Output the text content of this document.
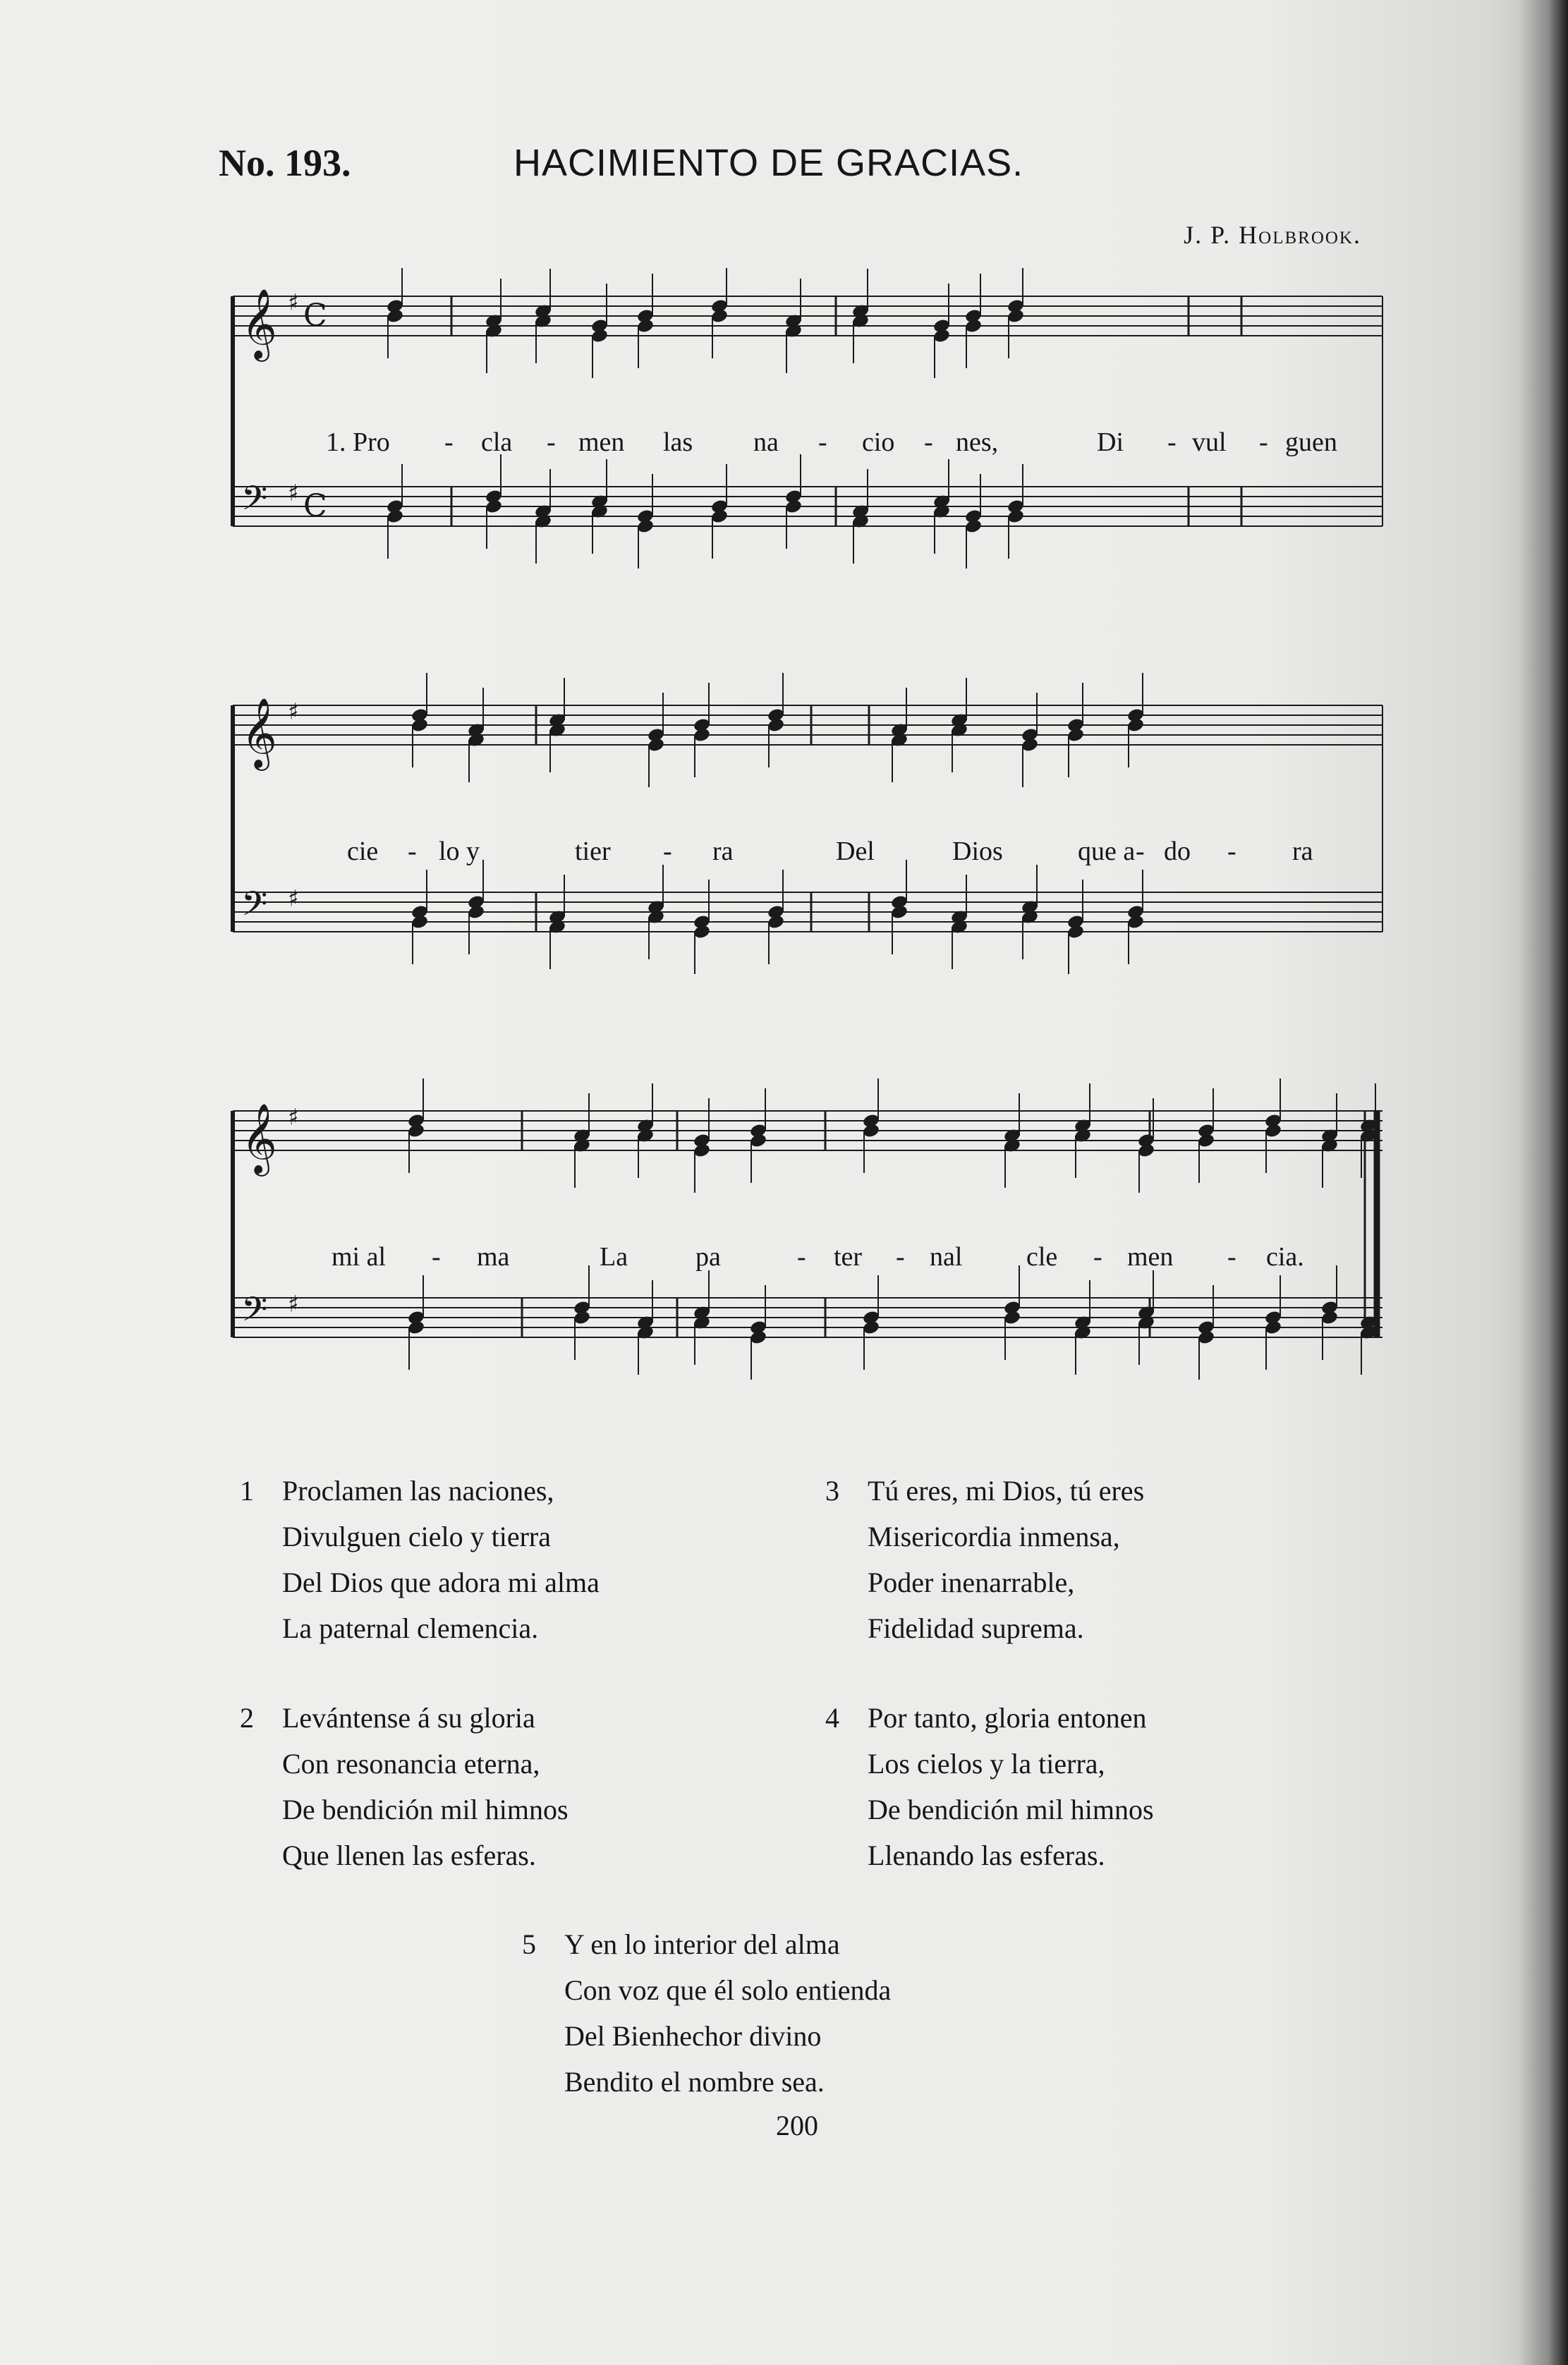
No. 193.	HACIMIENTO DE GRACIAS.
J. P. Holbrook.
𝄞 ♯ C
𝄢 ♯ C
𝄞 ♯
𝄢 ♯
𝄞 ♯
𝄢 ♯
1. Pro - cla - men las na - cio - nes,	Di - vul - guen
cie - lo y	tier - ra	Del	Dios	que a - do - ra
mi al - ma	La	pa	- ter - nal cle - men - cia.
1 Proclamen las naciones,
Divulguen cielo y tierra
Del Dios que adora mi alma
La paternal clemencia.
3 Tú eres, mi Dios, tú eres
Misericordia inmensa,
Poder inenarrable,
Fidelidad suprema.
2 Levántense á su gloria
Con resonancia eterna,
De bendición mil himnos
Que llenen las esferas.
4 Por tanto, gloria entonen
Los cielos y la tierra,
De bendición mil himnos
Llenando las esferas.
5 Y en lo interior del alma
Con voz que él solo entienda
Del Bienhechor divino
Bendito el nombre sea.
200
